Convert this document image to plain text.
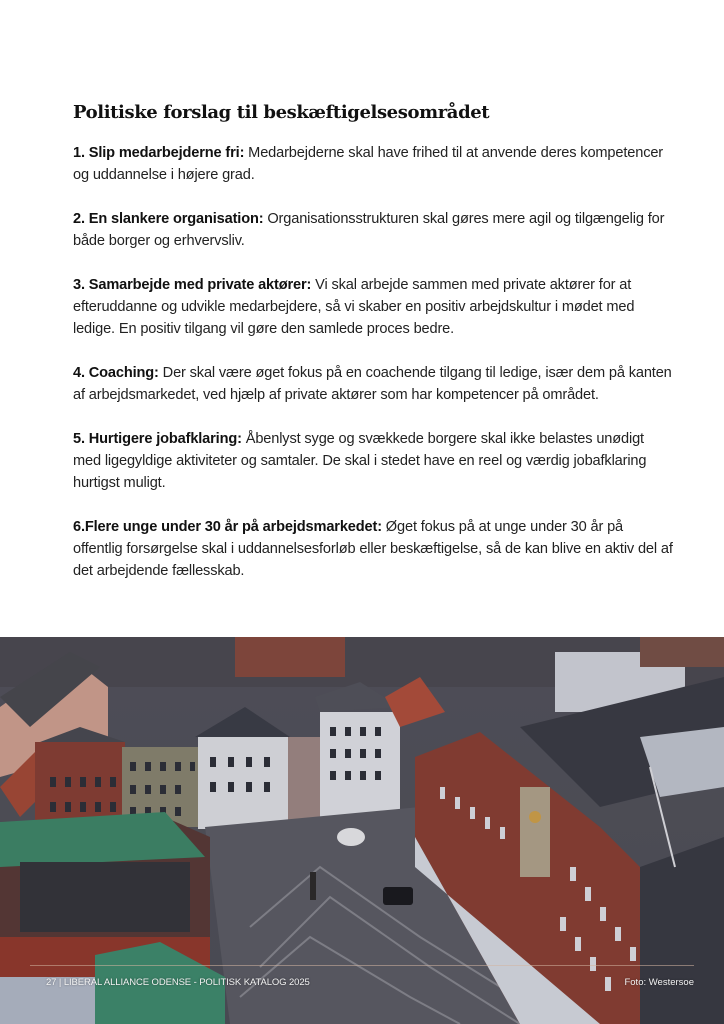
Politiske forslag til beskæftigelsesområdet

1. Slip medarbejderne fri: Medarbejderne skal have frihed til at anvende deres kompetencer og uddannelse i højere grad.

2. En slankere organisation: Organisationsstrukturen skal gøres mere agil og tilgængelig for både borger og erhvervsliv.

3. Samarbejde med private aktører: Vi skal arbejde sammen med private aktører for at efteruddanne og udvikle medarbejdere, så vi skaber en positiv arbejdskultur i mødet med ledige. En positiv tilgang vil gøre den samlede proces bedre.

4. Coaching: Der skal være øget fokus på en coachende tilgang til ledige, især dem på kanten af arbejdsmarkedet, ved hjælp af private aktører som har kompetencer på området.

5. Hurtigere jobafklaring: Åbenlyst syge og svækkede borgere skal ikke belastes unødigt med ligegyldige aktiviteter og samtaler. De skal i stedet have en reel og værdig jobafklaring hurtigst muligt.

6.Flere unge under 30 år på arbejdsmarkedet: Øget fokus på at unge under 30 år på offentlig forsørgelse skal i uddannelsesforløb eller beskæftigelse, så de kan blive en aktiv del af det arbejdende fællesskab.

27 | LIBERAL ALLIANCE ODENSE - POLITISK KATALOG 2025	Foto: Westersoe
